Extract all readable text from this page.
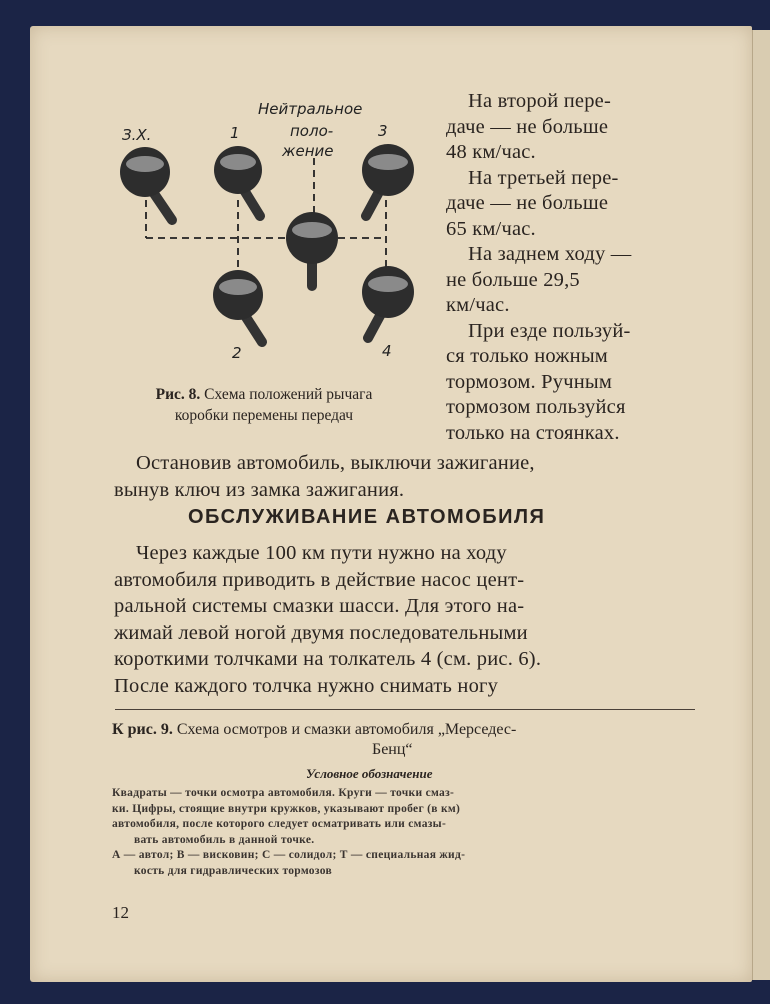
Нейтральное
поло-
жение
З.Х.	1	3
2	4
Рис. 8. Схема положений рычага
коробки перемены передач
На второй пере-
даче — не больше
48 км/час.
На третьей пере-
даче — не больше
65 км/час.
На заднем ходу —
не больше 29,5
км/час.
При езде пользуй-
ся только ножным
тормозом. Ручным
тормозом пользуйся
только на стоянках.
Остановив автомобиль, выключи зажигание,
вынув ключ из замка зажигания.
ОБСЛУЖИВАНИЕ АВТОМОБИЛЯ
Через каждые 100 км пути нужно на ходу
автомобиля приводить в действие насос цент-
ральной системы смазки шасси. Для этого на-
жимай левой ногой двумя последовательными
короткими толчками на толкатель 4 (см. рис. 6).
После каждого толчка нужно снимать ногу
К рис. 9. Схема осмотров и смазки автомобиля „Мерседес-
Бенц“
Условное обозначение
Квадраты — точки осмотра автомобиля. Круги — точки смаз-
ки. Цифры, стоящие внутри кружков, указывают пробег (в км)
автомобиля, после которого следует осматривать или смазы-
вать автомобиль в данной точке.
А — автол; В — висковин; С — солидол; Т — специальная жид-
кость для гидравлических тормозов
12
